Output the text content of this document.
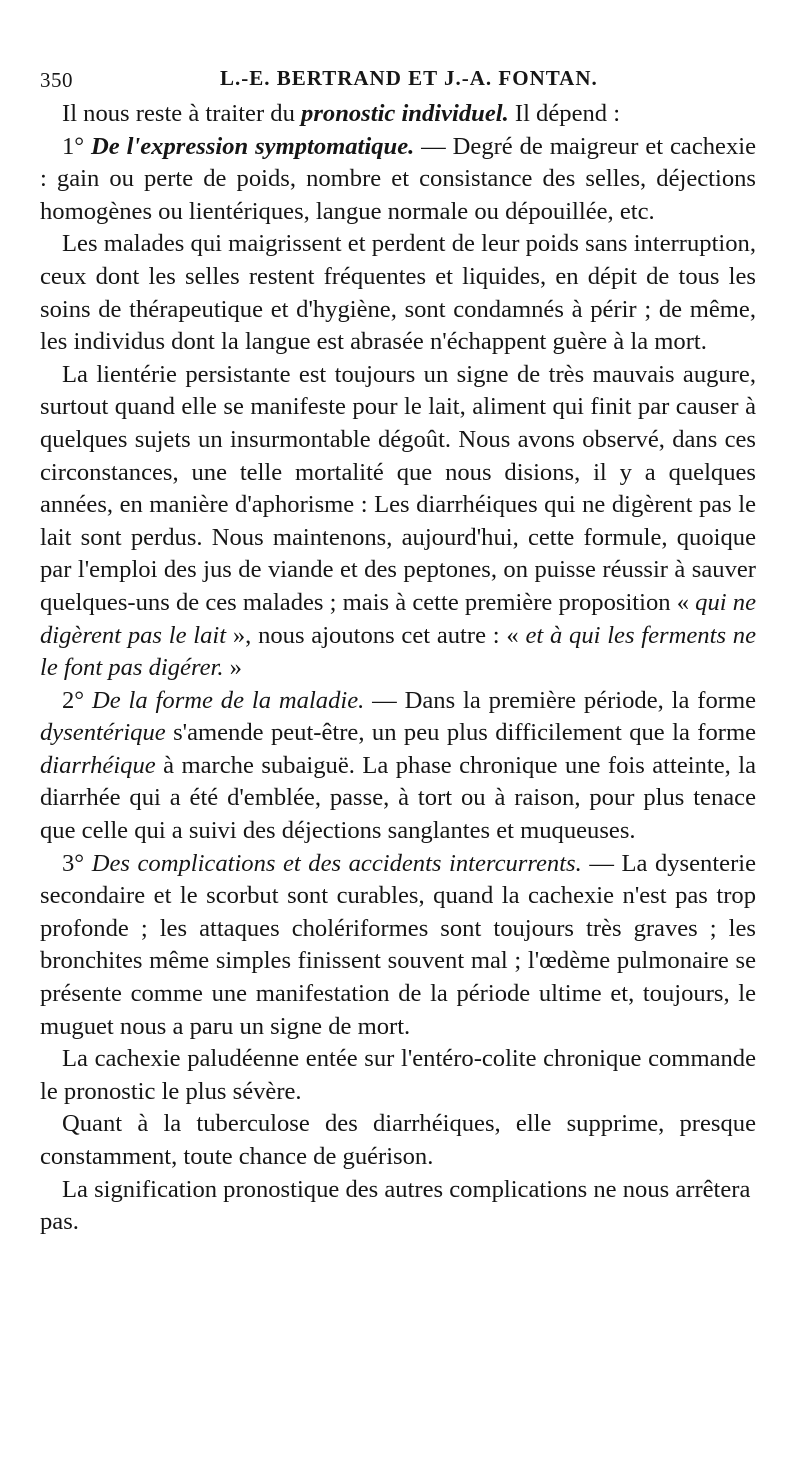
350	L.-E. BERTRAND ET J.-A. FONTAN.

Il nous reste à traiter du pronostic individuel. Il dépend :

1° De l'expression symptomatique. — Degré de maigreur et cachexie : gain ou perte de poids, nombre et consistance des selles, déjections homogènes ou lientériques, langue normale ou dépouillée, etc.

Les malades qui maigrissent et perdent de leur poids sans interruption, ceux dont les selles restent fréquentes et liquides, en dépit de tous les soins de thérapeutique et d'hygiène, sont condamnés à périr ; de même, les individus dont la langue est abrasée n'échappent guère à la mort.

La lientérie persistante est toujours un signe de très mauvais augure, surtout quand elle se manifeste pour le lait, aliment qui finit par causer à quelques sujets un insurmontable dégoût. Nous avons observé, dans ces circonstances, une telle mortalité que nous disions, il y a quelques années, en manière d'aphorisme : Les diarrhéiques qui ne digèrent pas le lait sont perdus. Nous maintenons, aujourd'hui, cette formule, quoique par l'emploi des jus de viande et des peptones, on puisse réussir à sauver quelques-uns de ces malades ; mais à cette première proposition « qui ne digèrent pas le lait », nous ajoutons cet autre : « et à qui les ferments ne le font pas digérer. »

2° De la forme de la maladie. — Dans la première période, la forme dysentérique s'amende peut-être, un peu plus difficilement que la forme diarrhéique à marche subaiguë. La phase chronique une fois atteinte, la diarrhée qui a été d'emblée, passe, à tort ou à raison, pour plus tenace que celle qui a suivi des déjections sanglantes et muqueuses.

3° Des complications et des accidents intercurrents. — La dysenterie secondaire et le scorbut sont curables, quand la cachexie n'est pas trop profonde ; les attaques cholériformes sont toujours très graves ; les bronchites même simples finissent souvent mal ; l'œdème pulmonaire se présente comme une manifestation de la période ultime et, toujours, le muguet nous a paru un signe de mort.

La cachexie paludéenne entée sur l'entéro-colite chronique commande le pronostic le plus sévère.

Quant à la tuberculose des diarrhéiques, elle supprime, presque constamment, toute chance de guérison.

La signification pronostique des autres complications ne nous arrêtera pas.
